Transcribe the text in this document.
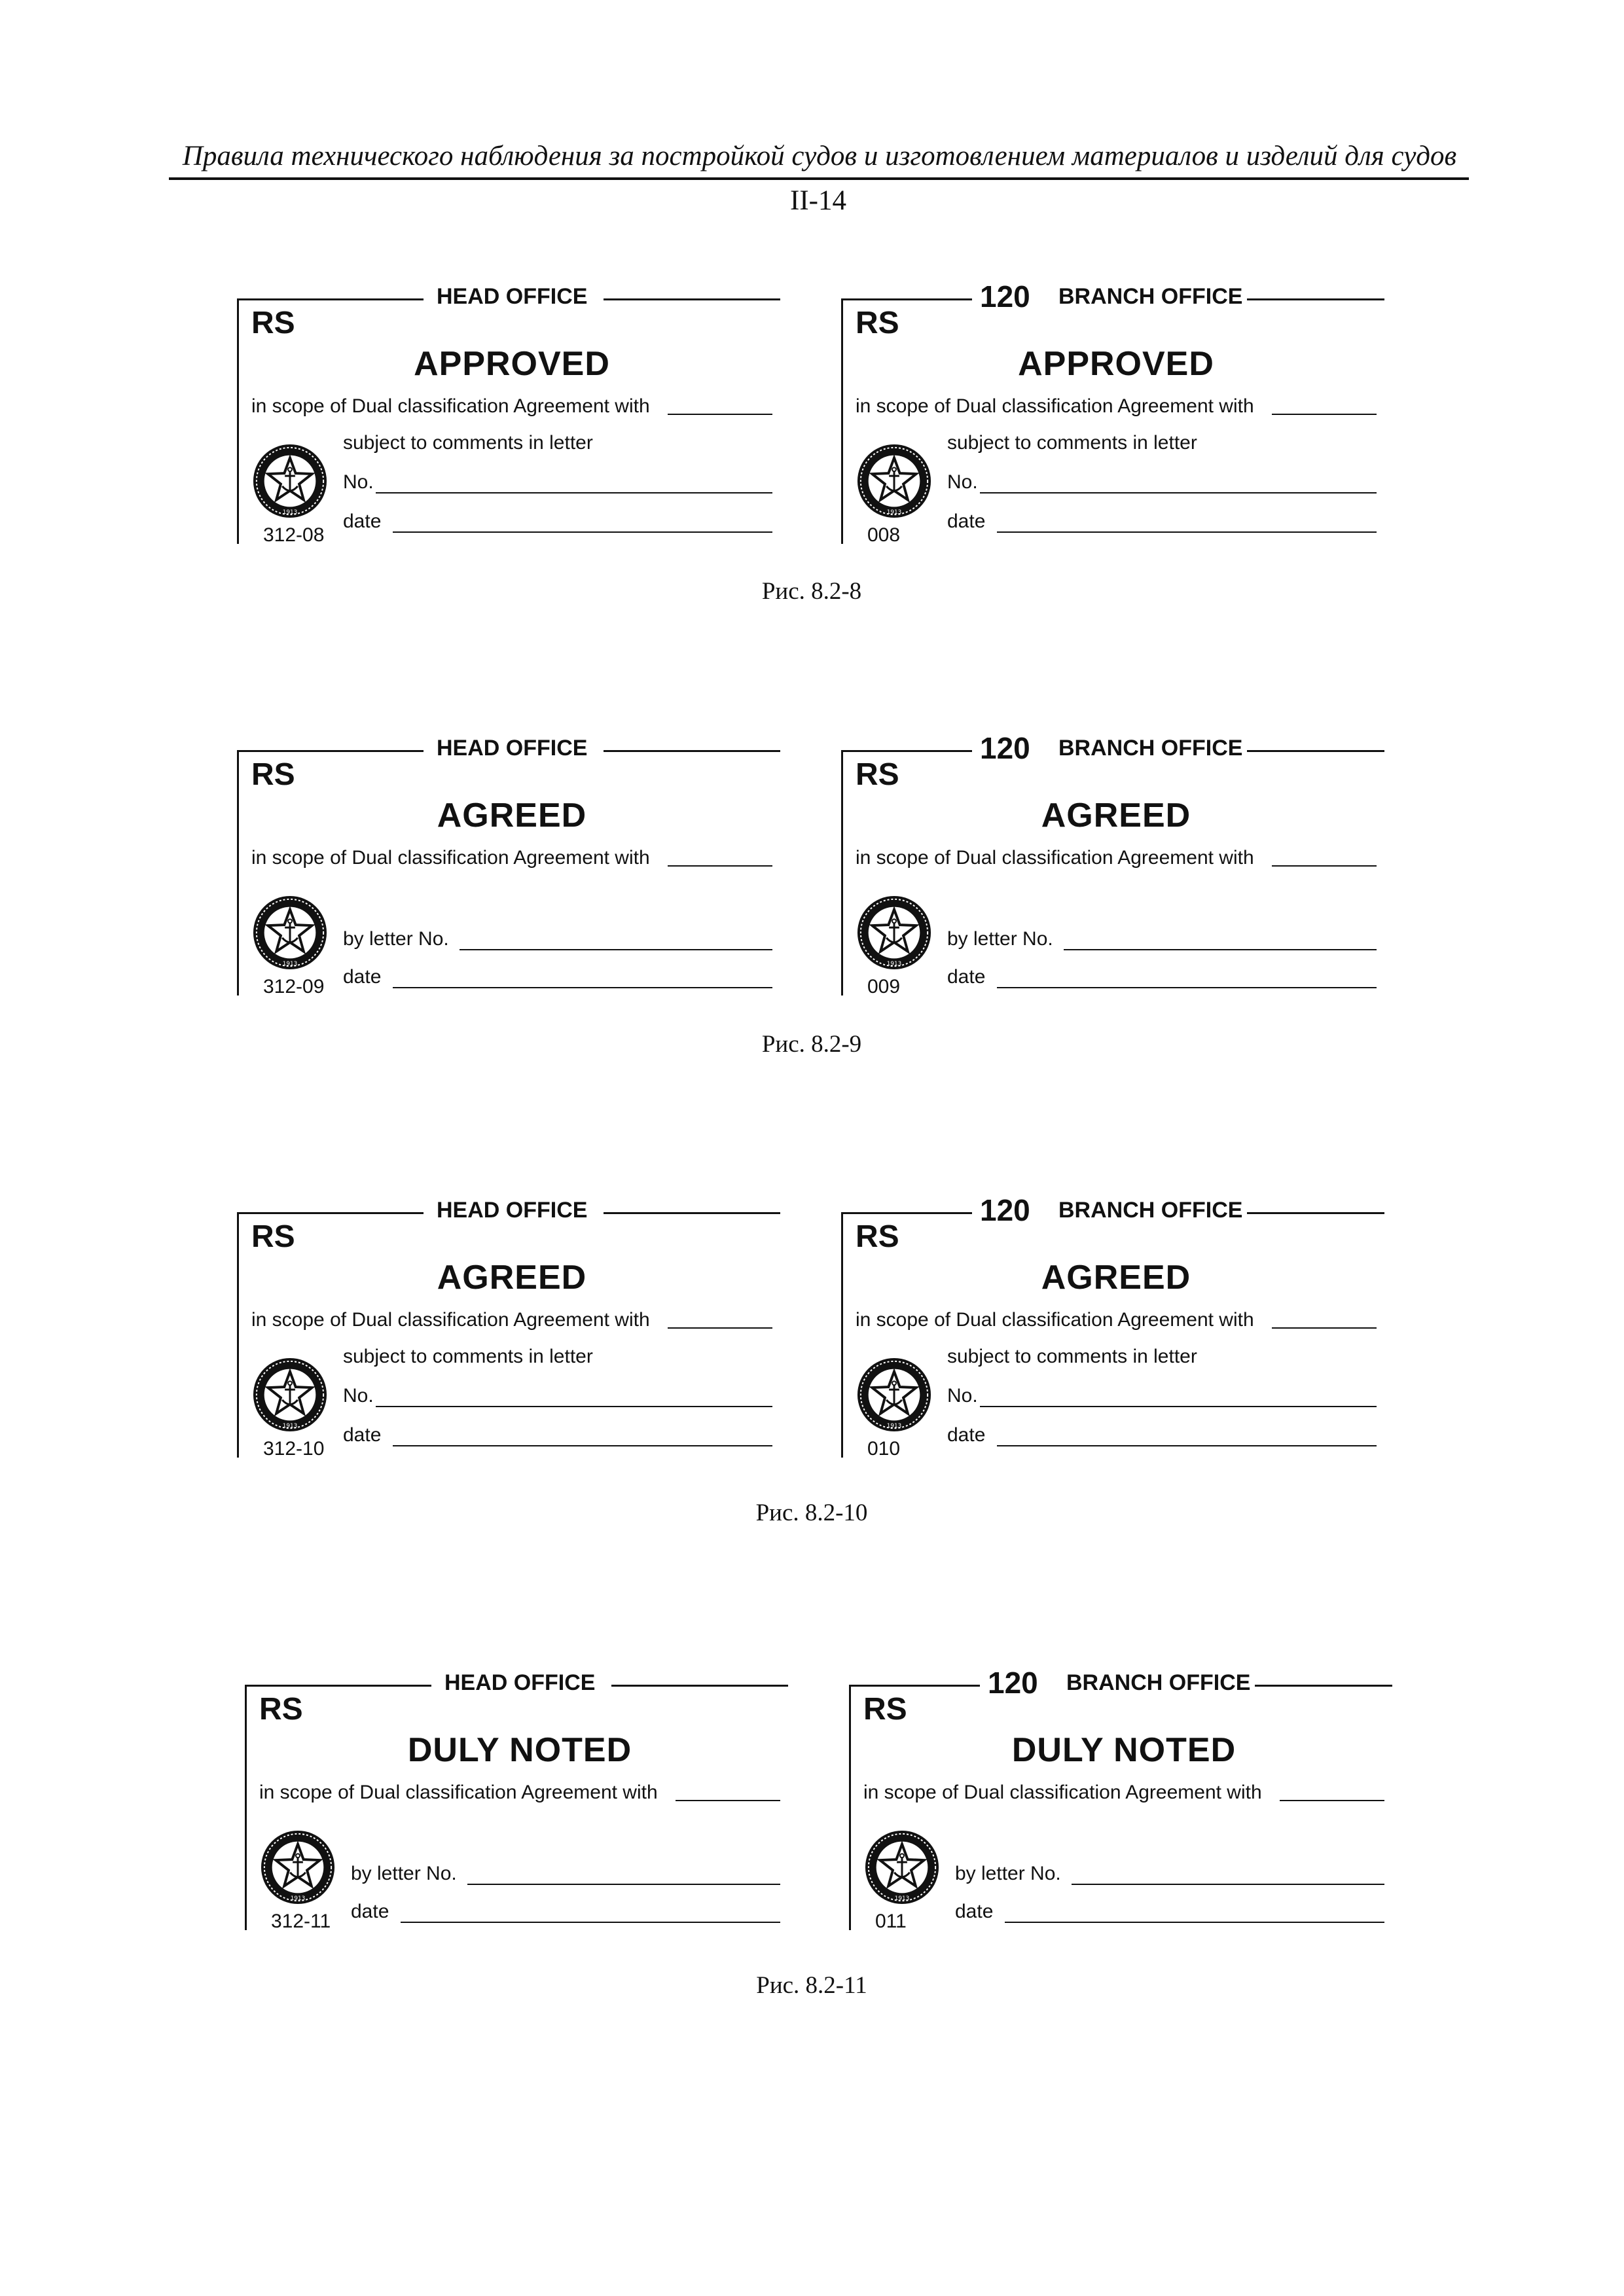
Правила технического наблюдения за постройкой судов и изготовлением материалов и изделий для судов
II-14
HEAD OFFICE
RS
APPROVED
in scope of Dual classification Agreement with
1913
subject to comments in letter
No.
date
312-08
120 BRANCH OFFICE
RS
APPROVED
in scope of Dual classification Agreement with
1913
subject to comments in letter
No.
date
008
Рис. 8.2-8
HEAD OFFICE
RS
AGREED
in scope of Dual classification Agreement with
1913
by letter No.
date
312-09
120 BRANCH OFFICE
RS
AGREED
in scope of Dual classification Agreement with
1913
by letter No.
date
009
Рис. 8.2-9
HEAD OFFICE
RS
AGREED
in scope of Dual classification Agreement with
1913
subject to comments in letter
No.
date
312-10
120 BRANCH OFFICE
RS
AGREED
in scope of Dual classification Agreement with
1913
subject to comments in letter
No.
date
010
Рис. 8.2-10
HEAD OFFICE
RS
DULY NOTED
in scope of Dual classification Agreement with
1913
by letter No.
date
312-11
120 BRANCH OFFICE
RS
DULY NOTED
in scope of Dual classification Agreement with
1913
by letter No.
date
011
Рис. 8.2-11
